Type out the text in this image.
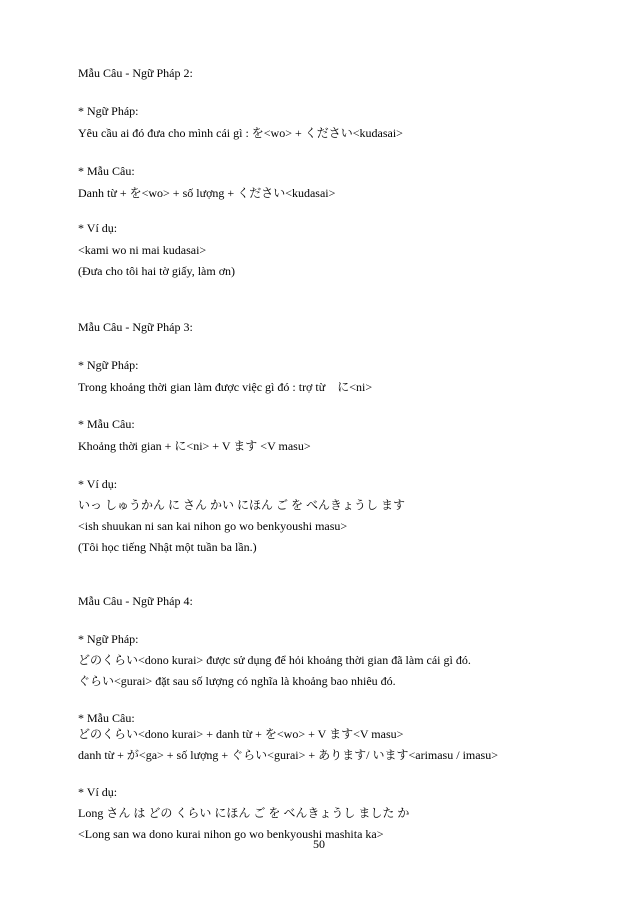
Mẫu Câu - Ngữ Pháp 2:
* Ngữ Pháp:
Yêu cầu ai đó đưa cho mình cái gì : を<wo> + ください<kudasai>
* Mẫu Câu:
Danh từ + を<wo> + số lượng + ください<kudasai>
* Ví dụ:
<kami wo ni mai kudasai>
(Đưa cho tôi hai tờ giấy, làm ơn)
Mẫu Câu - Ngữ Pháp 3:
* Ngữ Pháp:
Trong khoảng thời gian làm được việc gì đó : trợ từ　に<ni>
* Mẫu Câu:
Khoảng thời gian + に<ni> + V ます <V masu>
* Ví dụ:
いっ しゅうかん に さん かい にほん ご を べんきょうし ます
<ish shuukan ni san kai nihon go wo benkyoushi masu>
(Tôi học tiếng Nhật một tuần ba lần.)
Mẫu Câu - Ngữ Pháp 4:
* Ngữ Pháp:
どのくらい<dono kurai> được sử dụng để hỏi khoảng thời gian đã làm cái gì đó.
ぐらい<gurai> đặt sau số lượng có nghĩa là khoảng bao nhiêu đó.
* Mẫu Câu:
どのくらい<dono kurai> + danh từ + を<wo> + V ます<V masu>
danh từ + が<ga> + số lượng + ぐらい<gurai> + あります/ います<arimasu / imasu>
* Ví dụ:
Long さん は どの くらい にほん ご を べんきょうし ました か
<Long san wa dono kurai nihon go wo benkyoushi mashita ka>
50
